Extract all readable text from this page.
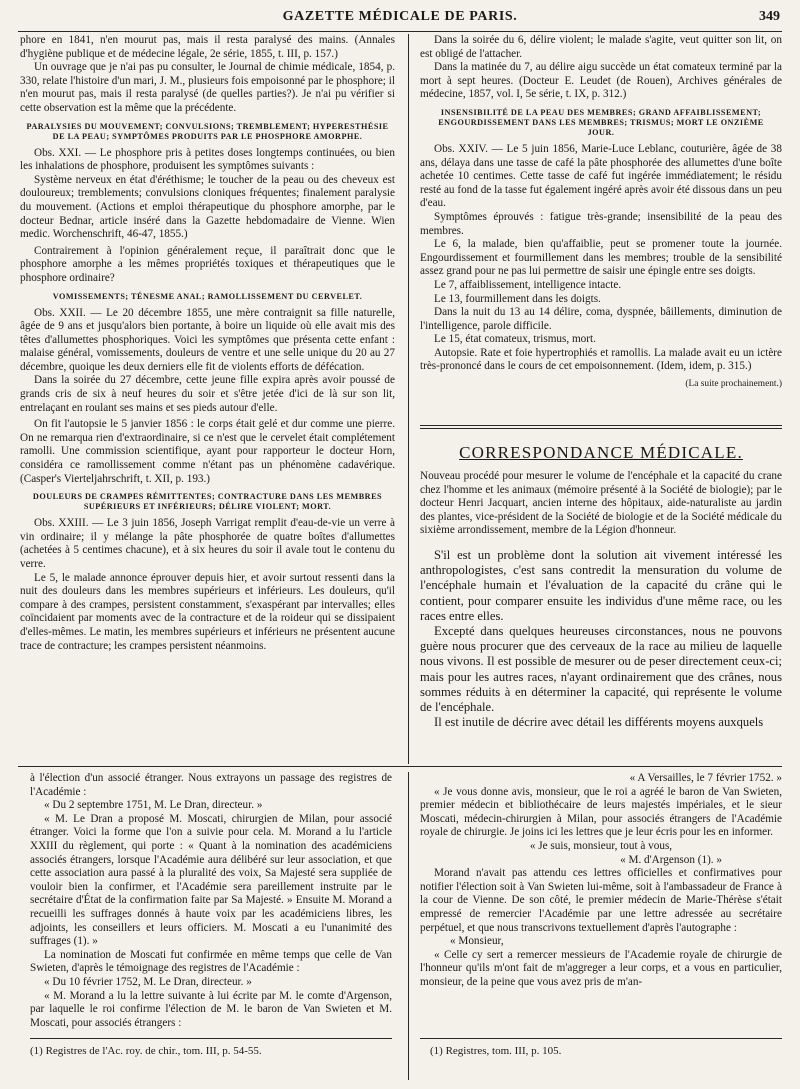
GAZETTE MÉDICALE DE PARIS.	349

phore en 1841, n'en mourut pas, mais il resta paralysé des mains. (Annales d'hygiène publique et de médecine légale, 2e série, 1855, t. III, p. 157.)

Un ouvrage que je n'ai pas pu consulter, le Journal de chimie médicale, 1854, p. 330, relate l'histoire d'un mari, J. M., plusieurs fois empoisonné par le phosphore; il n'en mourut pas, mais il resta paralysé (de quelles parties?). Je n'ai pu vérifier si cette observation est la même que la précédente.

PARALYSIES DU MOUVEMENT; CONVULSIONS; TREMBLEMENT; HYPERESTHÉSIE DE LA PEAU; SYMPTÔMES PRODUITS PAR LE PHOSPHORE AMORPHE.

Obs. XXI. — Le phosphore pris à petites doses longtemps continuées, ou bien les inhalations de phosphore, produisent les symptômes suivants :

Système nerveux en état d'éréthisme; le toucher de la peau ou des cheveux est douloureux; tremblements; convulsions cloniques fréquentes; finalement paralysie du mouvement. (Actions et emploi thérapeutique du phosphore amorphe, par le docteur Bednar, article inséré dans la Gazette hebdomadaire de Vienne. Wien medic. Worchenschrift, 46-47, 1855.)

Contrairement à l'opinion généralement reçue, il paraîtrait donc que le phosphore amorphe a les mêmes propriétés toxiques et thérapeutiques que le phosphore ordinaire?

VOMISSEMENTS; TÉNESME ANAL; RAMOLLISSEMENT DU CERVELET.

Obs. XXII. — Le 20 décembre 1855, une mère contraignit sa fille naturelle, âgée de 9 ans et jusqu'alors bien portante, à boire un liquide où elle avait mis des têtes d'allumettes phosphoriques. Voici les symptômes que présenta cette enfant : malaise général, vomissements, douleurs de ventre et une selle unique du 20 au 27 décembre, quoique les deux derniers elle fit de violents efforts de défécation.

Dans la soirée du 27 décembre, cette jeune fille expira après avoir poussé de grands cris de six à neuf heures du soir et s'être jetée d'ici de là sur son lit, entrelaçant en roulant ses mains et ses pieds autour d'elle.

On fit l'autopsie le 5 janvier 1856 : le corps était gelé et dur comme une pierre. On ne remarqua rien d'extraordinaire, si ce n'est que le cervelet était complétement ramolli. Une commission scientifique, ayant pour rapporteur le docteur Horn, considéra ce ramollissement comme n'étant pas un phénomène cadavérique. (Casper's Vierteljahrschrift, t. XII, p. 193.)

DOULEURS DE CRAMPES RÉMITTENTES; CONTRACTURE DANS LES MEMBRES SUPÉRIEURS ET INFÉRIEURS; DÉLIRE VIOLENT; MORT.

Obs. XXIII. — Le 3 juin 1856, Joseph Varrigat remplit d'eau-de-vie un verre à vin ordinaire; il y mélange la pâte phosphorée de quatre boîtes d'allumettes (achetées à 5 centimes chacune), et à six heures du soir il avale tout le contenu du verre.

Le 5, le malade annonce éprouver depuis hier, et avoir surtout ressenti dans la nuit des douleurs dans les membres supérieurs et inférieurs. Les douleurs, qu'il compare à des crampes, persistent constamment, s'exaspérant par intervalles; elles coïncidaient par moments avec de la contracture et de la roideur qui se dissipaient d'elles-mêmes. Le matin, les membres supérieurs et inférieurs ne présentent aucune trace de contracture; les crampes persistent néanmoins.

Dans la soirée du 6, délire violent; le malade s'agite, veut quitter son lit, on est obligé de l'attacher.

Dans la matinée du 7, au délire aigu succède un état comateux terminé par la mort à sept heures. (Docteur E. Leudet (de Rouen), Archives générales de médecine, 1857, vol. I, 5e série, t. IX, p. 312.)

INSENSIBILITÉ DE LA PEAU DES MEMBRES; GRAND AFFAIBLISSEMENT; ENGOURDISSEMENT DANS LES MEMBRES; TRISMUS; MORT LE ONZIÈME JOUR.

Obs. XXIV. — Le 5 juin 1856, Marie-Luce Leblanc, couturière, âgée de 38 ans, délaya dans une tasse de café la pâte phosphorée des allumettes d'une boîte achetée 10 centimes. Cette tasse de café fut ingérée immédiatement; le résidu resté au fond de la tasse fut également ingéré après avoir été dissous dans un peu d'eau.

Symptômes éprouvés : fatigue très-grande; insensibilité de la peau des membres.

Le 6, la malade, bien qu'affaiblie, peut se promener toute la journée. Engourdissement et fourmillement dans les membres; trouble de la sensibilité assez grand pour ne pas lui permettre de saisir une épingle entre ses doigts.

Le 7, affaiblissement, intelligence intacte.

Le 13, fourmillement dans les doigts.

Dans la nuit du 13 au 14 délire, coma, dyspnée, bâillements, diminution de l'intelligence, parole difficile.

Le 15, état comateux, trismus, mort.

Autopsie. Rate et foie hypertrophiés et ramollis. La malade avait eu un ictère très-prononcé dans le cours de cet empoisonnement. (Idem, idem, p. 315.)

(La suite prochainement.)

CORRESPONDANCE MÉDICALE.

Nouveau procédé pour mesurer le volume de l'encéphale et la capacité du crane chez l'homme et les animaux (mémoire présenté à la Société de biologie); par le docteur Henri Jacquart, ancien interne des hôpitaux, aide-naturaliste au jardin des plantes, vice-président de la Société de biologie et de la Société médicale du sixième arrondissement, membre de la Légion d'honneur.

S'il est un problème dont la solution ait vivement intéressé les anthropologistes, c'est sans contredit la mensuration du volume de l'encéphale humain et l'évaluation de la capacité du crâne qui le contient, pour comparer ensuite les individus d'une même race, ou les races entre elles.

Excepté dans quelques heureuses circonstances, nous ne pouvons guère nous procurer que des cerveaux de la race au milieu de laquelle nous vivons. Il est possible de mesurer ou de peser directement ceux-ci; mais pour les autres races, n'ayant ordinairement que des crânes, nous sommes réduits à en déterminer la capacité, qui représente le volume de l'encéphale.

Il est inutile de décrire avec détail les différents moyens auxquels

à l'élection d'un associé étranger. Nous extrayons un passage des registres de l'Académie :

« Du 2 septembre 1751, M. Le Dran, directeur. »

« M. Le Dran a proposé M. Moscati, chirurgien de Milan, pour associé étranger. Voici la forme que l'on a suivie pour cela. M. Morand a lu l'article XXIII du règlement, qui porte : « Quant à la nomination des académiciens associés étrangers, lorsque l'Académie aura délibéré sur leur association, et que cette association aura passé à la pluralité des voix, Sa Majesté sera suppliée de vouloir bien la confirmer, et l'Académie sera pareillement instruite par le secrétaire d'État de la confirmation faite par Sa Majesté. » Ensuite M. Morand a recueilli les suffrages donnés à haute voix par les académiciens libres, les adjoints, les conseillers et leurs officiers. M. Moscati a eu l'unanimité des suffrages (1). »

La nomination de Moscati fut confirmée en même temps que celle de Van Swieten, d'après le témoignage des registres de l'Académie :

« Du 10 février 1752, M. Le Dran, directeur. »

« M. Morand a lu la lettre suivante à lui écrite par M. le comte d'Argenson, par laquelle le roi confirme l'élection de M. le baron de Van Swieten et M. Moscati, pour associés étrangers :

« A Versailles, le 7 février 1752. »

« Je vous donne avis, monsieur, que le roi a agréé le baron de Van Swieten, premier médecin et bibliothécaire de leurs majestés impériales, et le sieur Moscati, médecin-chirurgien à Milan, pour associés étrangers de l'Académie royale de chirurgie. Je joins ici les lettres que je leur écris pour les en informer.

« Je suis, monsieur, tout à vous,

« M. d'Argenson (1). »

Morand n'avait pas attendu ces lettres officielles et confirmatives pour notifier l'élection soit à Van Swieten lui-même, soit à l'ambassadeur de France à la cour de Vienne. De son côté, le premier médecin de Marie-Thérèse s'était empressé de remercier l'Académie par une lettre adressée au secrétaire perpétuel, et que nous transcrivons textuellement d'après l'autographe :

« Monsieur,

« Celle cy sert a remercer messieurs de l'Academie royale de chirurgie de l'honneur qu'ils m'ont fait de m'aggreger a leur corps, et a vous en particulier, monsieur, de la peine que vous avez pris de m'an-

(1) Registres de l'Ac. roy. de chir., tom. III, p. 54-55.	(1) Registres, tom. III, p. 105.
